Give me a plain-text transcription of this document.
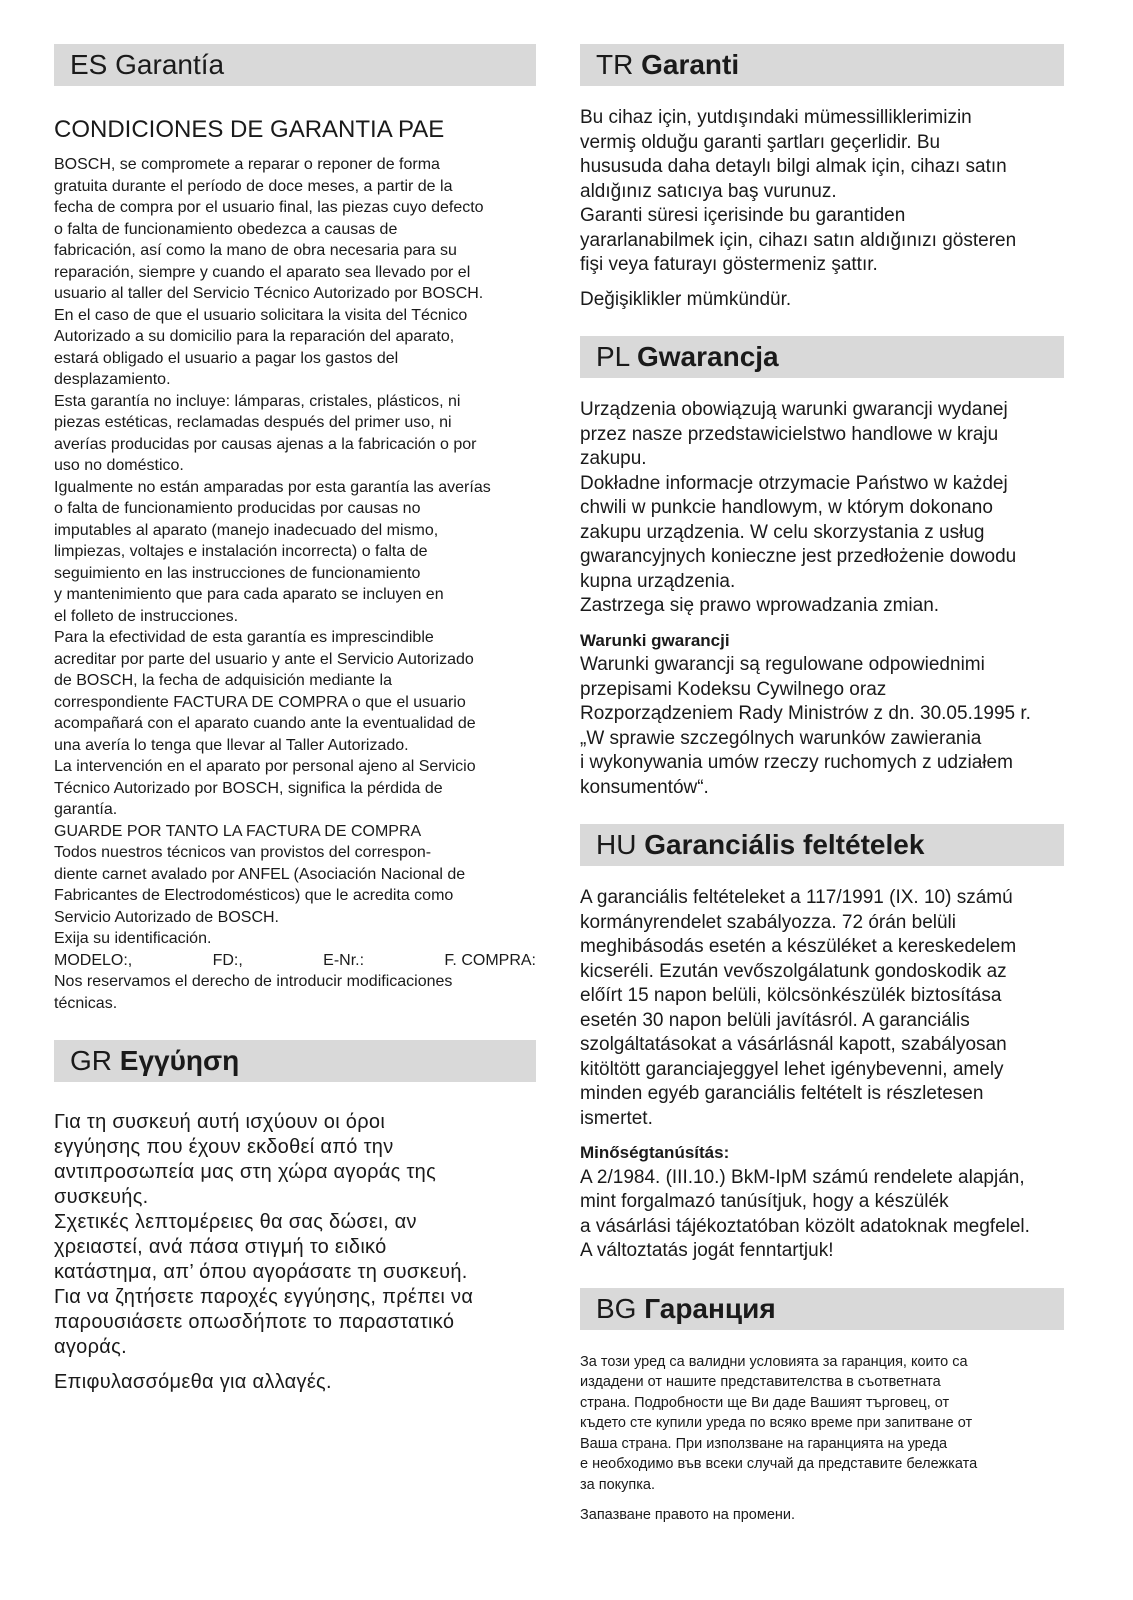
ES Garantía
CONDICIONES DE GARANTIA PAE
BOSCH, se compromete a reparar o reponer de forma
gratuita durante el período de doce meses, a partir de la
fecha de compra por el usuario final, las piezas cuyo defecto
o falta de funcionamiento obedezca a causas de
fabricación, así como la mano de obra necesaria para su
reparación, siempre y cuando el aparato sea llevado por el
usuario al taller del Servicio Técnico Autorizado por BOSCH.
En el caso de que el usuario solicitara la visita del Técnico
Autorizado a su domicilio para la reparación del aparato,
estará obligado el usuario a pagar los gastos del
desplazamiento.
Esta garantía no incluye: lámparas, cristales, plásticos, ni
piezas estéticas, reclamadas después del primer uso, ni
averías producidas por causas ajenas a la fabricación o por
uso no doméstico.
Igualmente no están amparadas por esta garantía las averías
o falta de funcionamiento producidas por causas no
imputables al aparato (manejo inadecuado del mismo,
limpiezas, voltajes e instalación incorrecta) o falta de
seguimiento en las instrucciones de funcionamiento
y mantenimiento que para cada aparato se incluyen en
el folleto de instrucciones.
Para la efectividad de esta garantía es imprescindible
acreditar por parte del usuario y ante el Servicio Autorizado
de BOSCH, la fecha de adquisición mediante la
correspondiente FACTURA DE COMPRA o que el usuario
acompañará con el aparato cuando ante la eventualidad de
una avería lo tenga que llevar al Taller Autorizado.
La intervención en el aparato por personal ajeno al Servicio
Técnico Autorizado por BOSCH, significa la pérdida de
garantía.
GUARDE POR TANTO LA FACTURA DE COMPRA
Todos nuestros técnicos van provistos del correspon-
diente carnet avalado por ANFEL (Asociación Nacional de
Fabricantes de Electrodomésticos) que le acredita como
Servicio Autorizado de BOSCH.
Exija su identificación.
MODELO:,	FD:,	E-Nr.:	F. COMPRA:
Nos reservamos el derecho de introducir modificaciones
técnicas.
GR Εγγύηση
Για τη συσκευή αυτή ισχύουν οι όροι
εγγύησης που έχουν εκδοθεί από την
αντιπροσωπεία μας στη χώρα αγοράς της
συσκευής.
Σχετικές λεπτομέρειες θα σας δώσει, αν
χρειαστεί, ανά πάσα στιγμή το ειδικό
κατάστημα, απ’ όπου αγοράσατε τη συσκευή.
Για να ζητήσετε παροχές εγγύησης, πρέπει να
παρουσιάσετε οπωσδήποτε το παραστατικό
αγοράς.
Επιφυλασσόμεθα για αλλαγές.
TR Garanti
Bu cihaz için, yutdışındaki mümessilliklerimizin
vermiş olduğu garanti şartları geçerlidir. Bu
hususuda daha detaylı bilgi almak için, cihazı satın
aldığınız satıcıya baş vurunuz.
Garanti süresi içerisinde bu garantiden
yararlanabilmek için, cihazı satın aldığınızı gösteren
fişi veya faturayı göstermeniz şattır.
Değişiklikler mümkündür.
PL Gwarancja
Urządzenia obowiązują warunki gwarancji wydanej
przez nasze przedstawicielstwo handlowe w kraju
zakupu.
Dokładne informacje otrzymacie Państwo w każdej
chwili w punkcie handlowym, w którym dokonano
zakupu urządzenia. W celu skorzystania z usług
gwarancyjnych konieczne jest przedłożenie dowodu
kupna urządzenia.
Zastrzega się prawo wprowadzania zmian.
Warunki gwarancji
Warunki gwarancji są regulowane odpowiednimi
przepisami Kodeksu Cywilnego oraz
Rozporządzeniem Rady Ministrów z dn. 30.05.1995 r.
„W sprawie szczególnych warunków zawierania
i wykonywania umów rzeczy ruchomych z udziałem
konsumentów“.
HU Garanciális feltételek
A garanciális feltételeket a 117/1991 (IX. 10) számú
kormányrendelet szabályozza. 72 órán belüli
meghibásodás esetén a készüléket a kereskedelem
kicseréli. Ezután vevőszolgálatunk gondoskodik az
előírt 15 napon belüli, kölcsönkészülék biztosítása
esetén 30 napon belüli javításról. A garanciális
szolgáltatásokat a vásárlásnál kapott, szabályosan
kitöltött garanciajeggyel lehet igénybevenni, amely
minden egyéb garanciális feltételt is részletesen
ismertet.
Minőségtanúsítás:
A 2/1984. (III.10.) BkM-IpM számú rendelete alapján,
mint forgalmazó tanúsítjuk, hogy a készülék
a vásárlási tájékoztatóban közölt adatoknak megfelel.
A változtatás jogát fenntartjuk!
BG Гаранция
За този уред са валидни условията за гаранция, които са
издадени от нашите представителства в съответната
страна. Подробности ще Ви даде Вашият търговец, от
където сте купили уреда по всяко време при запитване от
Ваша страна. При използване на гаранцията на уреда
е необходимо във всеки случай да представите бележката
за покупка.
Запазване правото на промени.
